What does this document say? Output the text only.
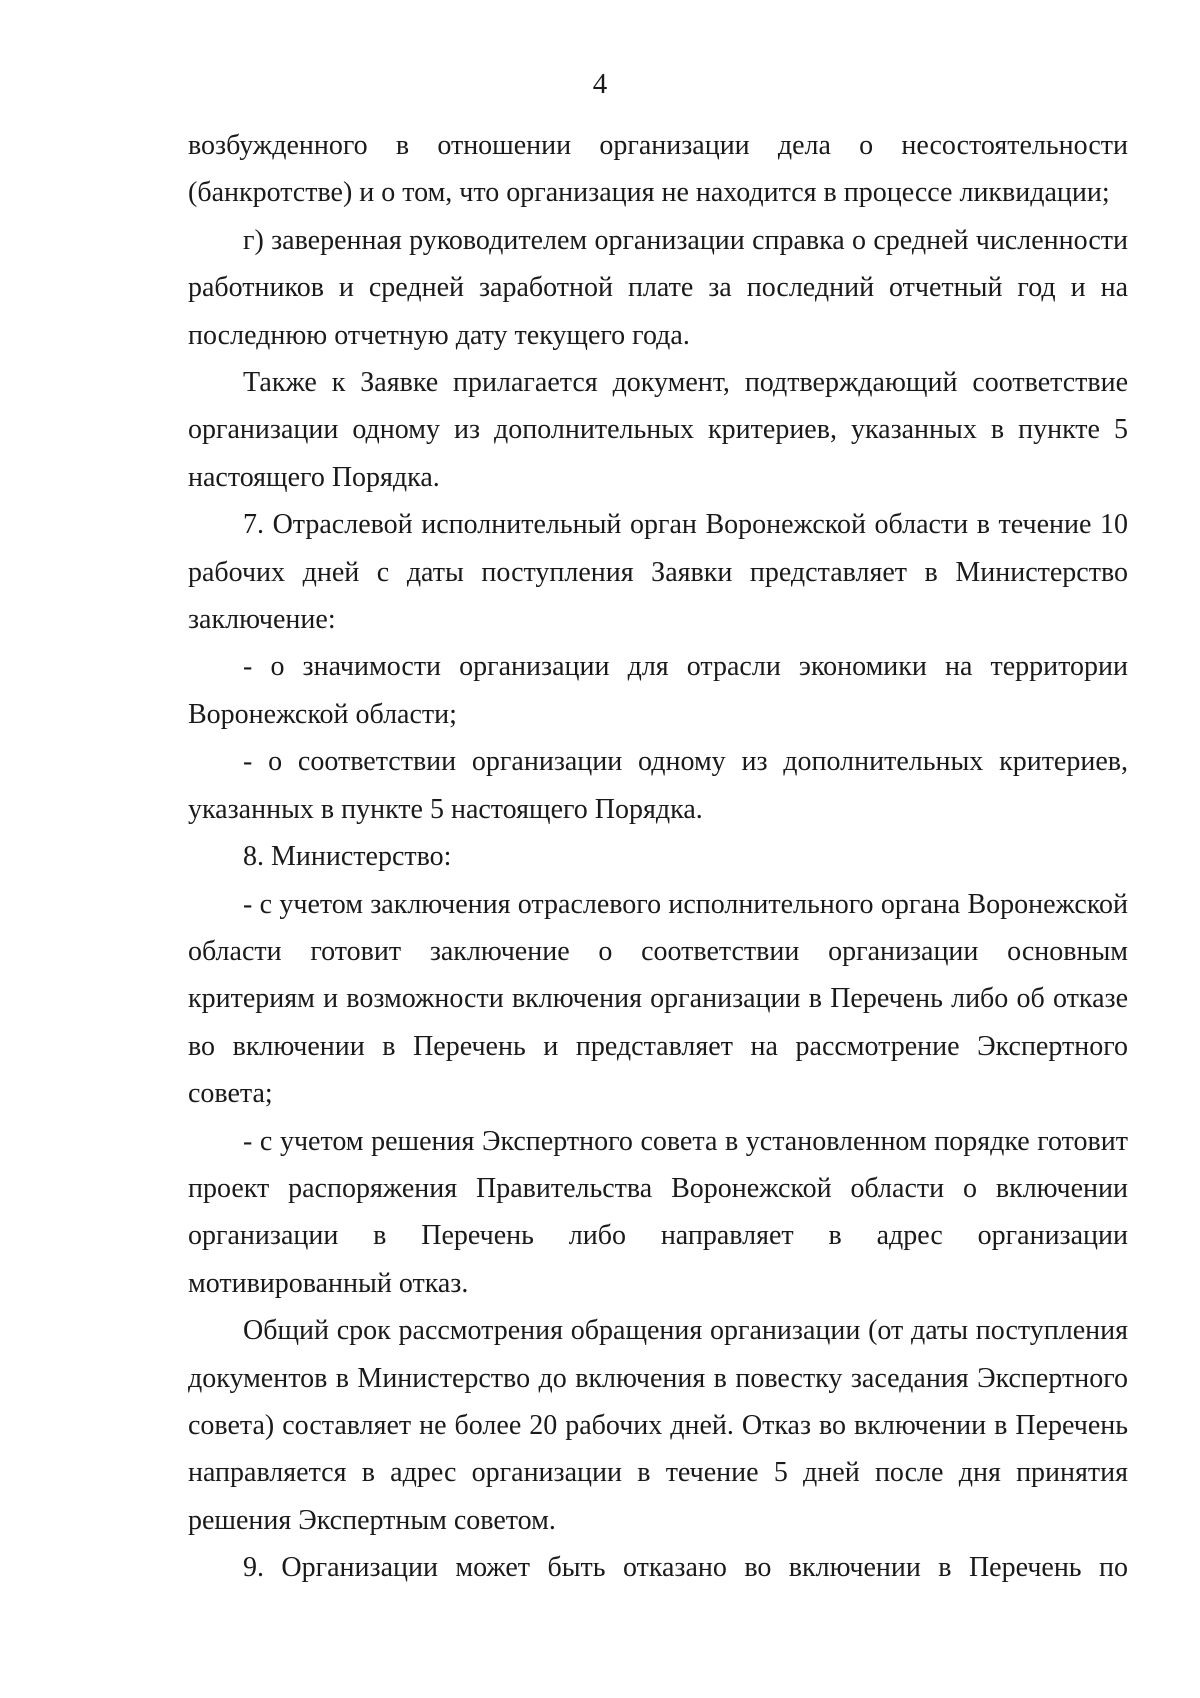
4

возбужденного в отношении организации дела о несостоятельности (банкротстве) и о том, что организация не находится в процессе ликвидации;

г) заверенная руководителем организации справка о средней численности работников и средней заработной плате за последний отчетный год и на последнюю отчетную дату текущего года.

Также к Заявке прилагается документ, подтверждающий соответствие организации одному из дополнительных критериев, указанных в пункте 5 настоящего Порядка.

7. Отраслевой исполнительный орган Воронежской области в течение 10 рабочих дней с даты поступления Заявки представляет в Министерство заключение:

- о значимости организации для отрасли экономики на территории Воронежской области;

- о соответствии организации одному из дополнительных критериев, указанных в пункте 5 настоящего Порядка.

8. Министерство:

- с учетом заключения отраслевого исполнительного органа Воронежской области готовит заключение о соответствии организации основным критериям и возможности включения организации в Перечень либо об отказе во включении в Перечень и представляет на рассмотрение Экспертного совета;

- с учетом решения Экспертного совета в установленном порядке готовит проект распоряжения Правительства Воронежской области о включении организации в Перечень либо направляет в адрес организации мотивированный отказ.

Общий срок рассмотрения обращения организации (от даты поступления документов в Министерство до включения в повестку заседания Экспертного совета) составляет не более 20 рабочих дней. Отказ во включении в Перечень направляется в адрес организации в течение 5 дней после дня принятия решения Экспертным советом.

9. Организации может быть отказано во включении в Перечень по
